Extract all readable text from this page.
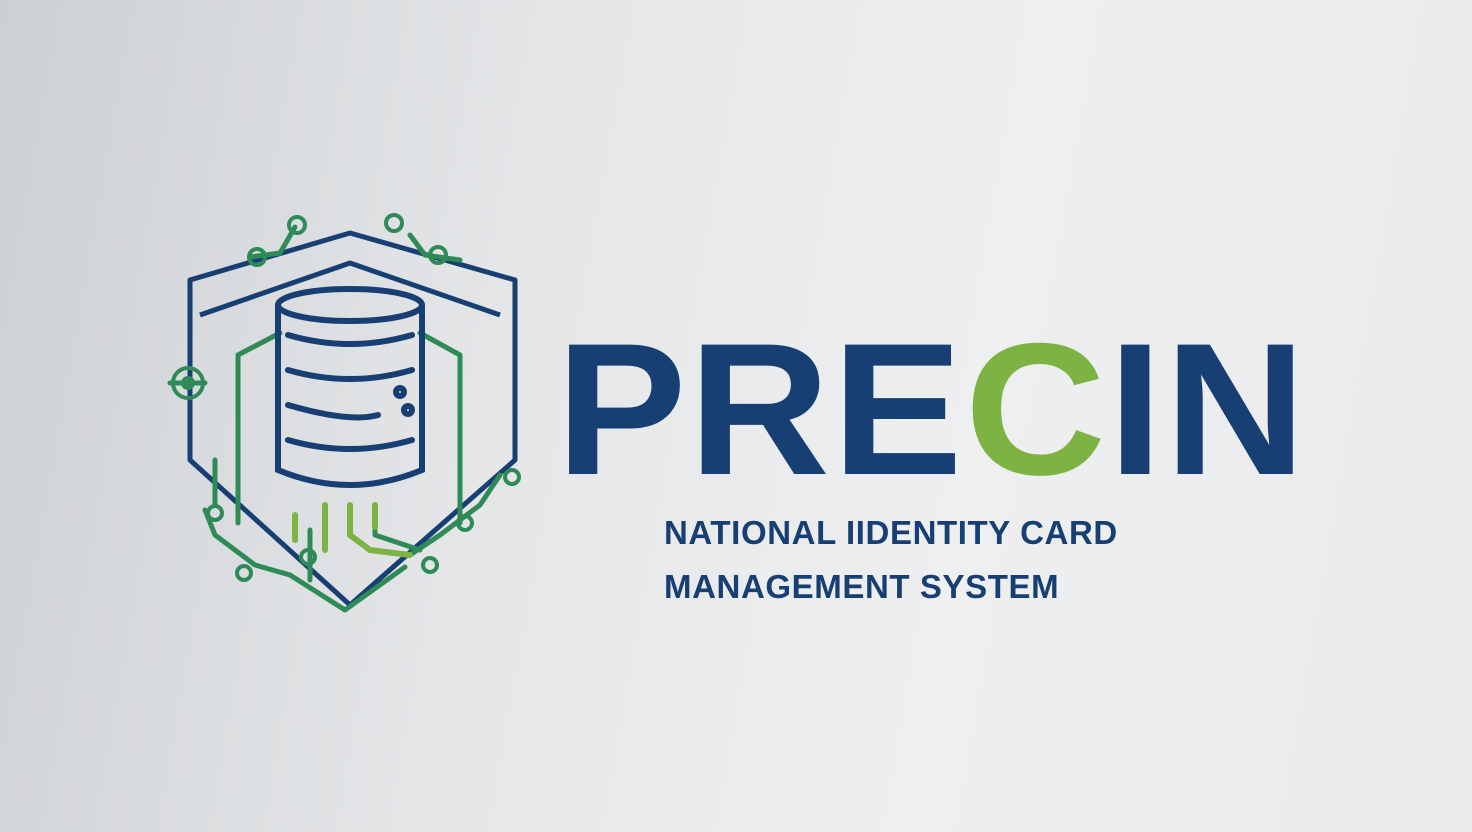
PRECIN
NATIONAL IIDENTITY CARD
MANAGEMENT SYSTEM
